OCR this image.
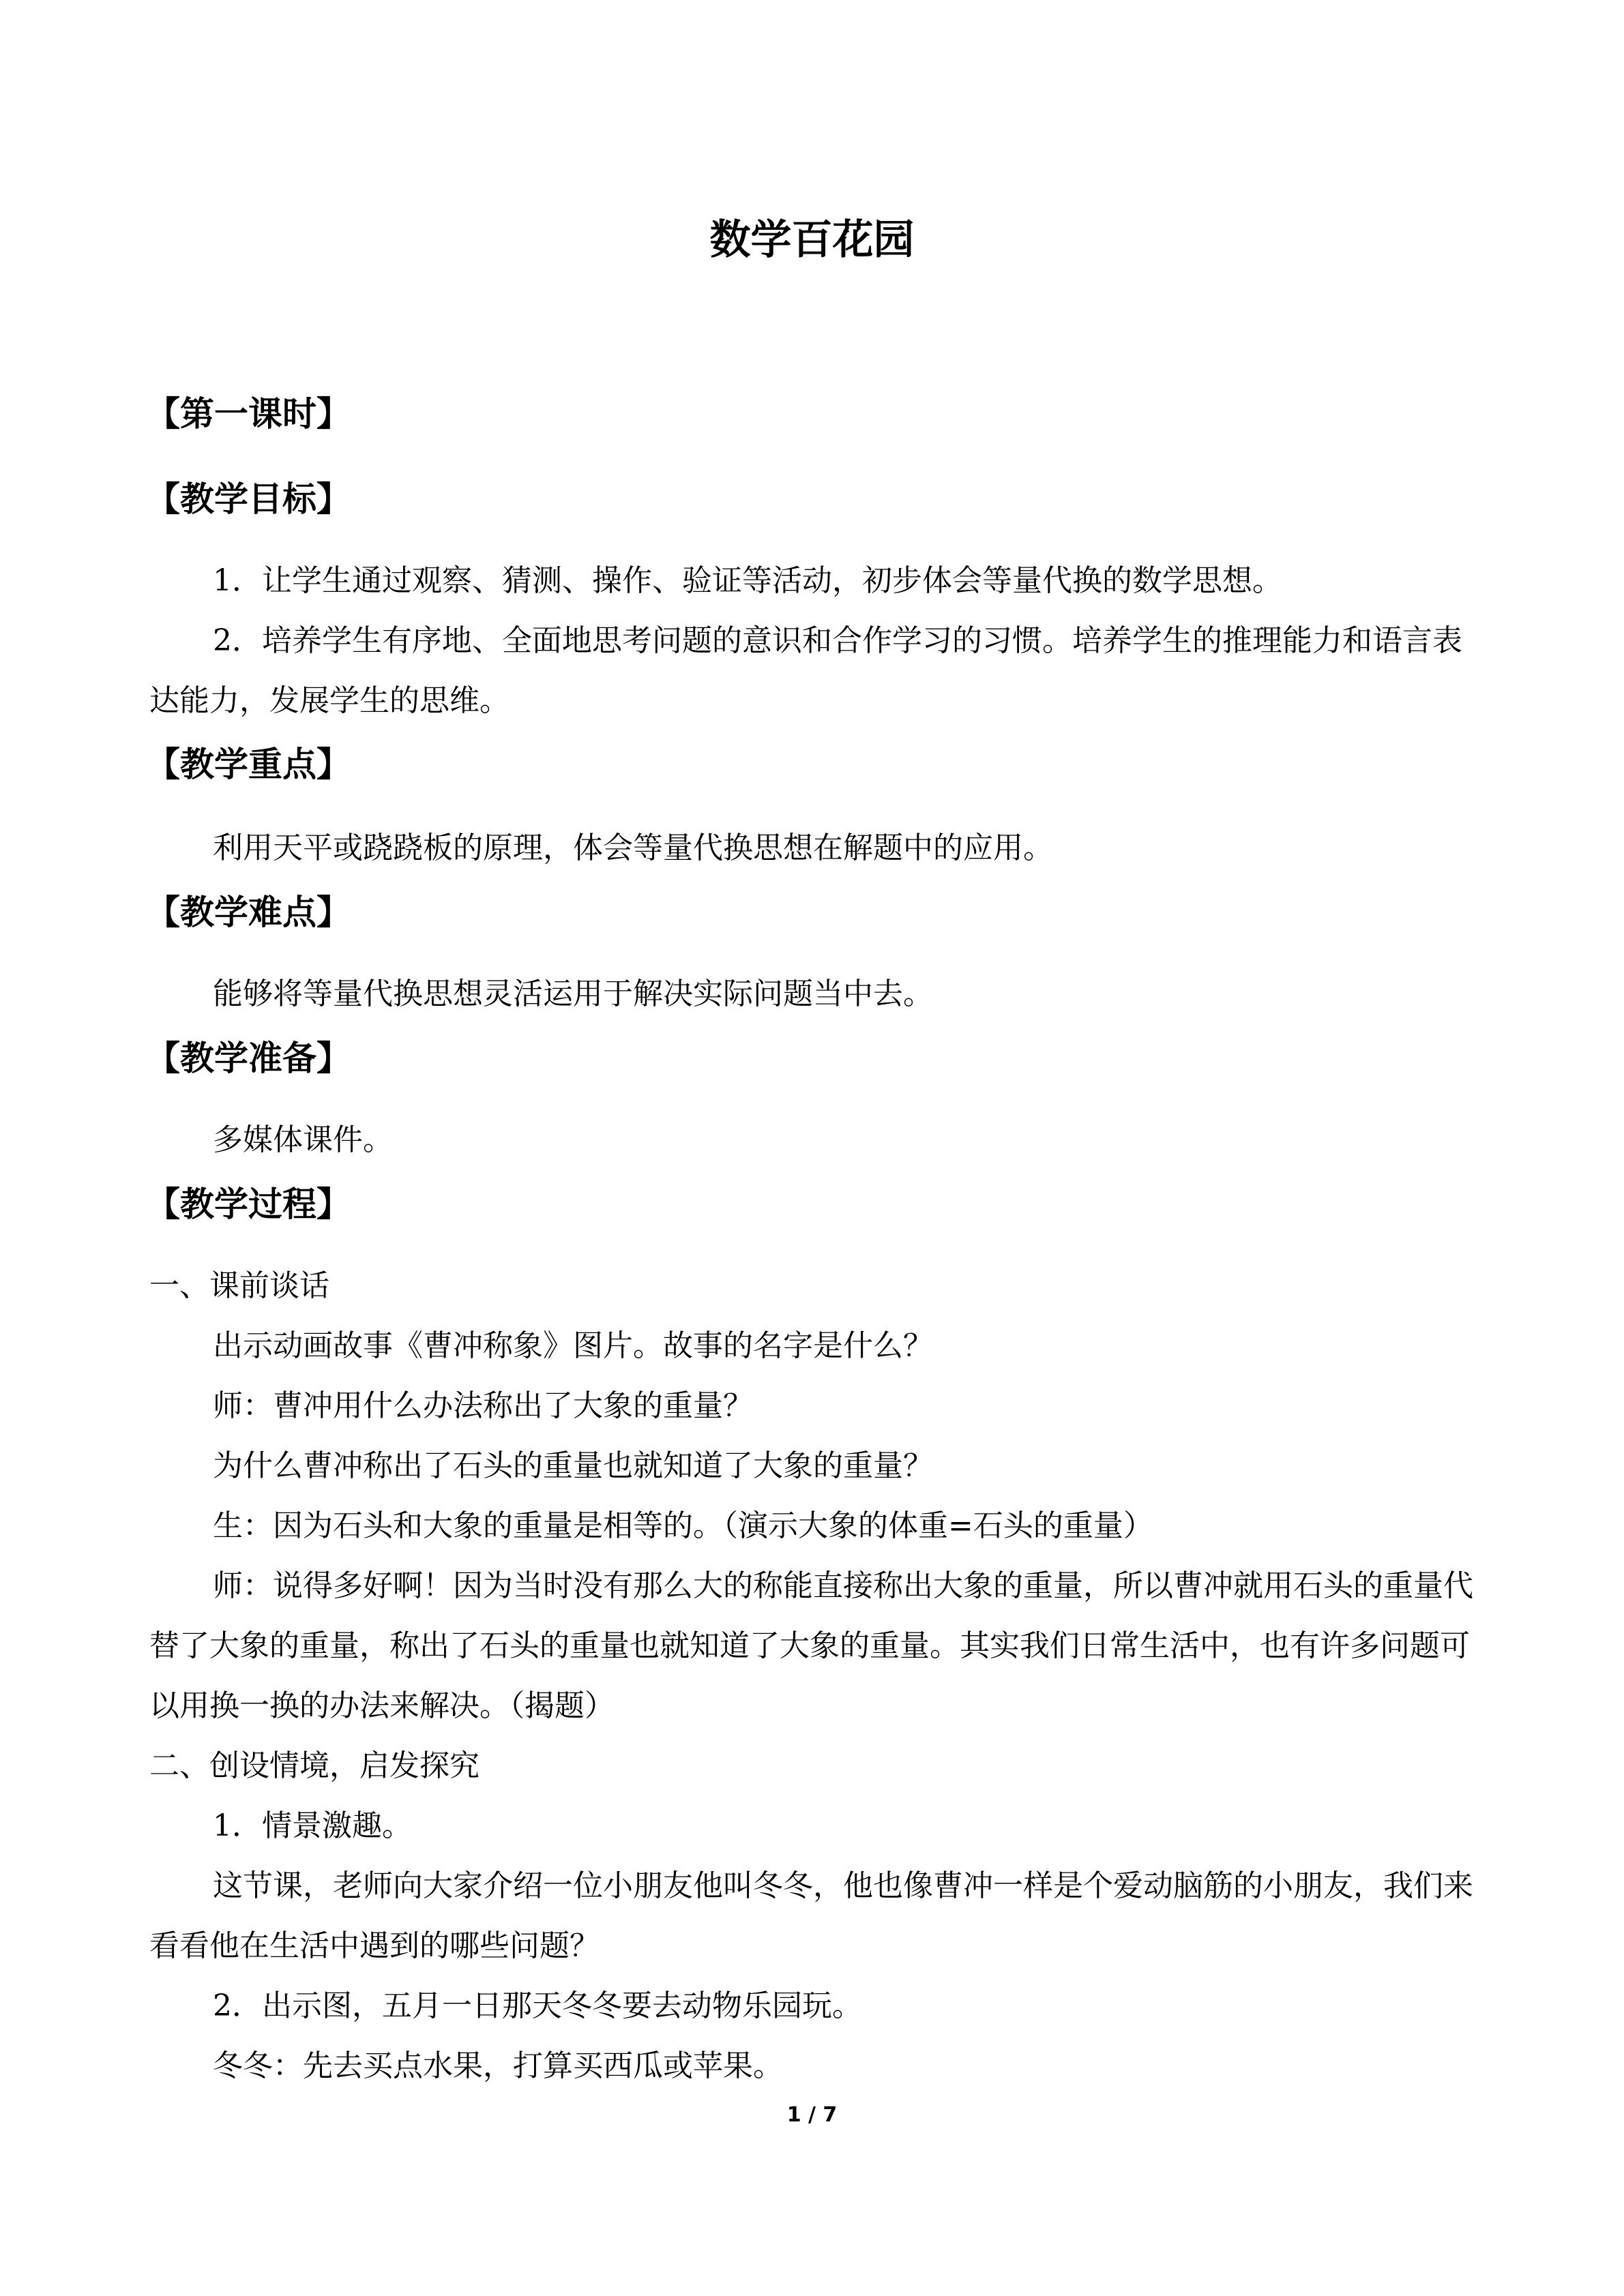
数学百花园
【第一课时】
【教学目标】

1．让学生通过观察、猜测、操作、验证等活动，初步体会等量代换的数学思想。

2．培养学生有序地、全面地思考问题的意识和合作学习的习惯。培养学生的推理能力和语言表达能力，发展学生的思维。

【教学重点】

利用天平或跷跷板的原理，体会等量代换思想在解题中的应用。

【教学难点】

能够将等量代换思想灵活运用于解决实际问题当中去。

【教学准备】

多媒体课件。

【教学过程】

一、课前谈话

出示动画故事《曹冲称象》图片。故事的名字是什么？

师：曹冲用什么办法称出了大象的重量？

为什么曹冲称出了石头的重量也就知道了大象的重量？

生：因为石头和大象的重量是相等的。（演示大象的体重=石头的重量）

师：说得多好啊！因为当时没有那么大的称能直接称出大象的重量，所以曹冲就用石头的重量代替了大象的重量，称出了石头的重量也就知道了大象的重量。其实我们日常生活中，也有许多问题可以用换一换的办法来解决。（揭题）

二、创设情境，启发探究

1．情景激趣。

这节课，老师向大家介绍一位小朋友他叫冬冬，他也像曹冲一样是个爱动脑筋的小朋友，我们来看看他在生活中遇到的哪些问题？

2．出示图，五月一日那天冬冬要去动物乐园玩。

冬冬：先去买点水果，打算买西瓜或苹果。

1 / 7
